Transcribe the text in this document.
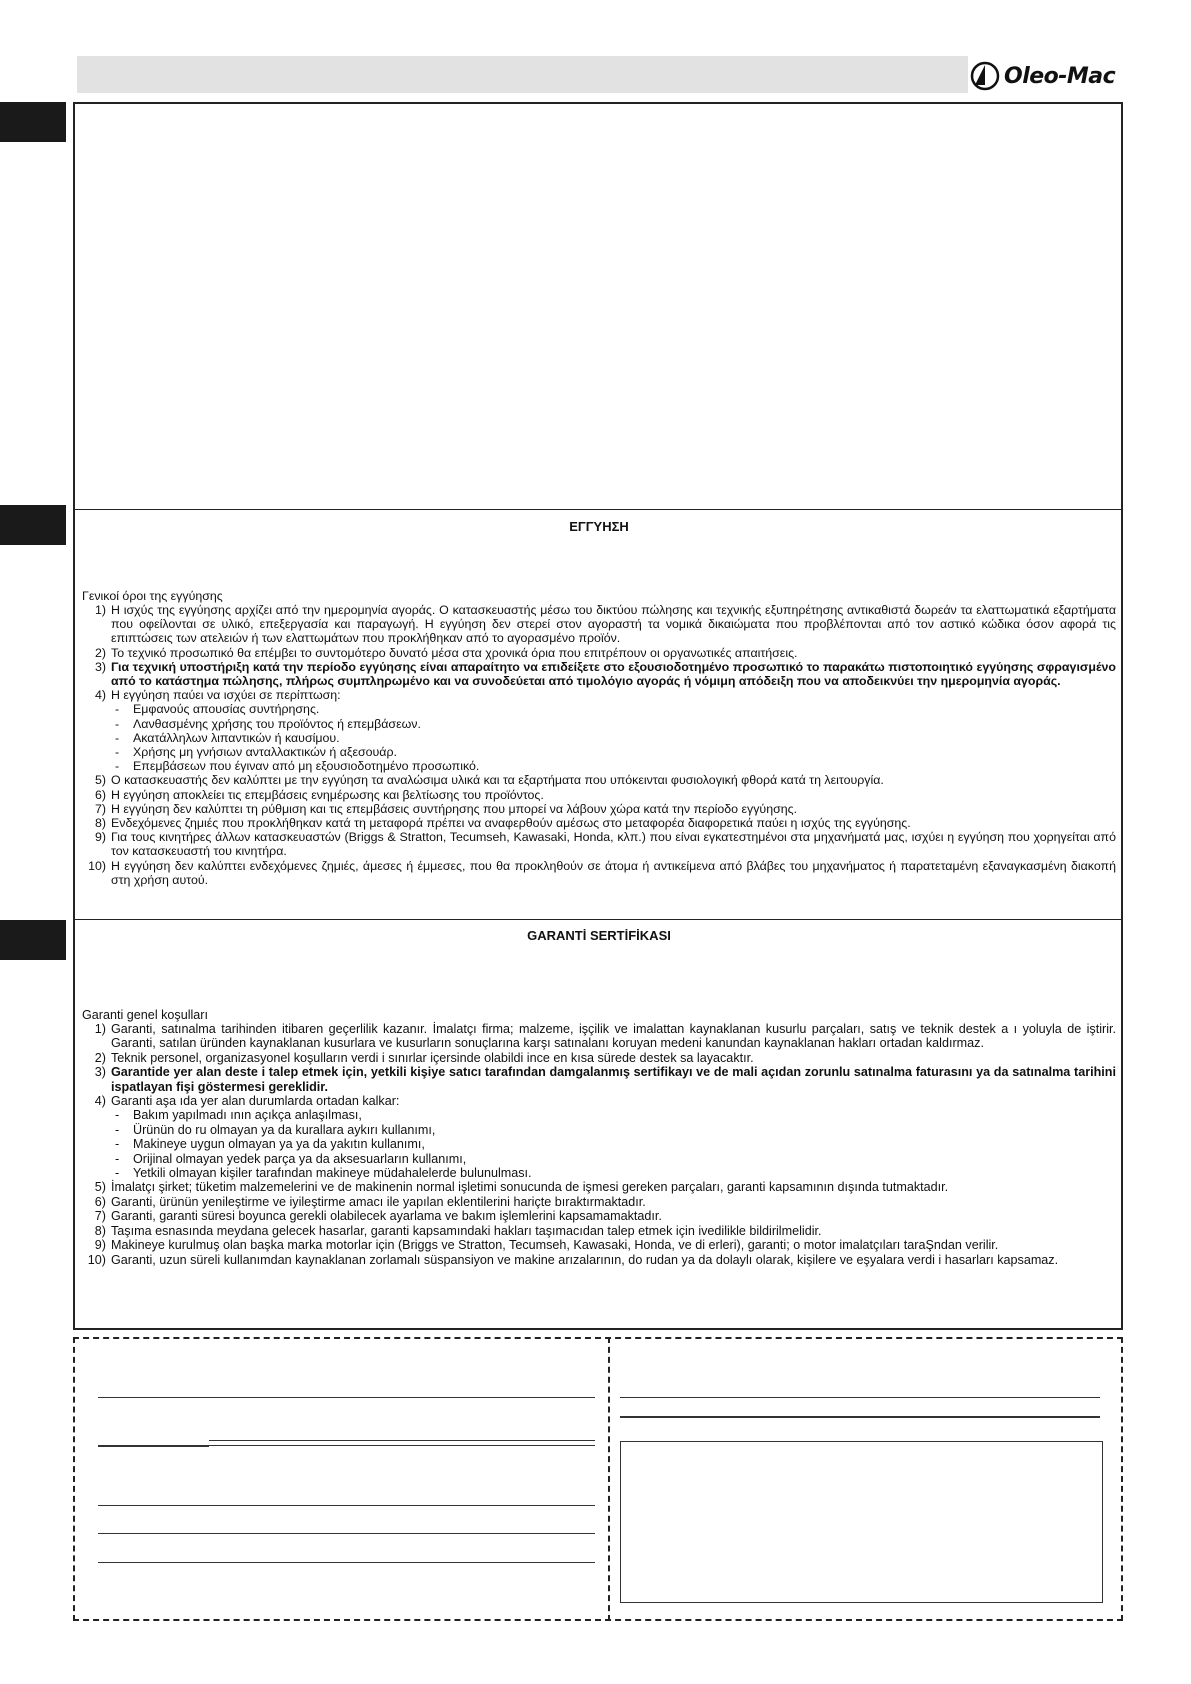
Oleo-Mac
ΕΓΓΥΗΣΗ
Γενικοί όροι της εγγύησης
1) Η ισχύς της εγγύησης αρχίζει από την ημερομηνία αγοράς. Ο κατασκευαστής μέσω του δικτύου πώλησης και τεχνικής εξυπηρέτησης αντικαθιστά δωρεάν τα ελαττωματικά εξαρτήματα που οφείλονται σε υλικό, επεξεργασία και παραγωγή. Η εγγύηση δεν στερεί στον αγοραστή τα νομικά δικαιώματα που προβλέπονται από τον αστικό κώδικα όσον αφορά τις επιπτώσεις των ατελειών ή των ελαττωμάτων που προκλήθηκαν από το αγορασμένο προϊόν.
2) Το τεχνικό προσωπικό θα επέμβει το συντομότερο δυνατό μέσα στα χρονικά όρια που επιτρέπουν οι οργανωτικές απαιτήσεις.
3) Για τεχνική υποστήριξη κατά την περίοδο εγγύησης είναι απαραίτητο να επιδείξετε στο εξουσιοδοτημένο προσωπικό το παρακάτω πιστοποιητικό εγγύησης σφραγισμένο από το κατάστημα πώλησης, πλήρως συμπληρωμένο και να συνοδεύεται από τιμολόγιο αγοράς ή νόμιμη απόδειξη που να αποδεικνύει την ημερομηνία αγοράς.
4) Η εγγύηση παύει να ισχύει σε περίπτωση:
-	Εμφανούς απουσίας συντήρησης.
-	Λανθασμένης χρήσης του προϊόντος ή επεμβάσεων.
-	Ακατάλληλων λιπαντικών ή καυσίμου.
-	Χρήσης μη γνήσιων ανταλλακτικών ή αξεσουάρ.
-	Επεμβάσεων που έγιναν από μη εξουσιοδοτημένο προσωπικό.
5) Ο κατασκευαστής δεν καλύπτει με την εγγύηση τα αναλώσιμα υλικά και τα εξαρτήματα που υπόκεινται φυσιολογική φθορά κατά τη λειτουργία.
6) Η εγγύηση αποκλείει τις επεμβάσεις ενημέρωσης και βελτίωσης του προϊόντος.
7) Η εγγύηση δεν καλύπτει τη ρύθμιση και τις επεμβάσεις συντήρησης που μπορεί να λάβουν χώρα κατά την περίοδο εγγύησης.
8) Ενδεχόμενες ζημιές που προκλήθηκαν κατά τη μεταφορά πρέπει να αναφερθούν αμέσως στο μεταφορέα διαφορετικά παύει η ισχύς της εγγύησης.
9) Για τους κινητήρες άλλων κατασκευαστών (Briggs & Stratton, Tecumseh, Kawasaki, Honda, κλπ.) που είναι εγκατεστημένοι στα μηχανήματά μας, ισχύει η εγγύηση που χορηγείται από τον κατασκευαστή του κινητήρα.
10) Η εγγύηση δεν καλύπτει ενδεχόμενες ζημιές, άμεσες ή έμμεσες, που θα προκληθούν σε άτομα ή αντικείμενα από βλάβες του μηχανήματος ή παρατεταμένη εξαναγκασμένη διακοπή στη χρήση αυτού.
GARANTİ SERTİFİKASI
Garanti genel koşulları
1) Garanti, satınalma tarihinden itibaren geçerlilik kazanır. İmalatçı firma; malzeme, işçilik ve imalattan kaynaklanan kusurlu parçaları, satış ve teknik destek a ı yoluyla de iştirir. Garanti, satılan üründen kaynaklanan kusurlara ve kusurların sonuçlarına karşı satınalanı koruyan medeni kanundan kaynaklanan hakları ortadan kaldırmaz.
2) Teknik personel, organizasyonel koşulların verdi i sınırlar içersinde olabildi ince en kısa sürede destek sa layacaktır.
3) Garantide yer alan deste i talep etmek için, yetkili kişiye satıcı tarafından damgalanmış sertifikayı ve de mali açıdan zorunlu satınalma faturasını ya da satınalma tarihini ispatlayan fişi göstermesi gereklidir.
4) Garanti aşa ıda yer alan durumlarda ortadan kalkar:
-	Bakım yapılmadı ının açıkça anlaşılması,
-	Ürünün do ru olmayan ya da kurallara aykırı kullanımı,
-	Makineye uygun olmayan ya ya da yakıtın kullanımı,
-	Orijinal olmayan yedek parça ya da aksesuarların kullanımı,
-	Yetkili olmayan kişiler tarafından makineye müdahalelerde bulunulması.
5) İmalatçı şirket; tüketim malzemelerini ve de makinenin normal işletimi sonucunda de işmesi gereken parçaları, garanti kapsamının dışında tutmaktadır.
6) Garanti, ürünün yenileştirme ve iyileştirme amacı ile yapılan eklentilerini hariçte bıraktırmaktadır.
7) Garanti, garanti süresi boyunca gerekli olabilecek ayarlama ve bakım işlemlerini kapsamamaktadır.
8) Taşıma esnasında meydana gelecek hasarlar, garanti kapsamındaki hakları taşımacıdan talep etmek için ivedilikle bildirilmelidir.
9) Makineye kurulmuş olan başka marka motorlar için (Briggs ve Stratton, Tecumseh, Kawasaki, Honda, ve di erleri), garanti; o motor imalatçıları taraŞndan verilir.
10) Garanti, uzun süreli kullanımdan kaynaklanan zorlamalı süspansiyon ve makine arızalarının, do rudan ya da dolaylı olarak, kişilere ve eşyalara verdi i hasarları kapsamaz.
